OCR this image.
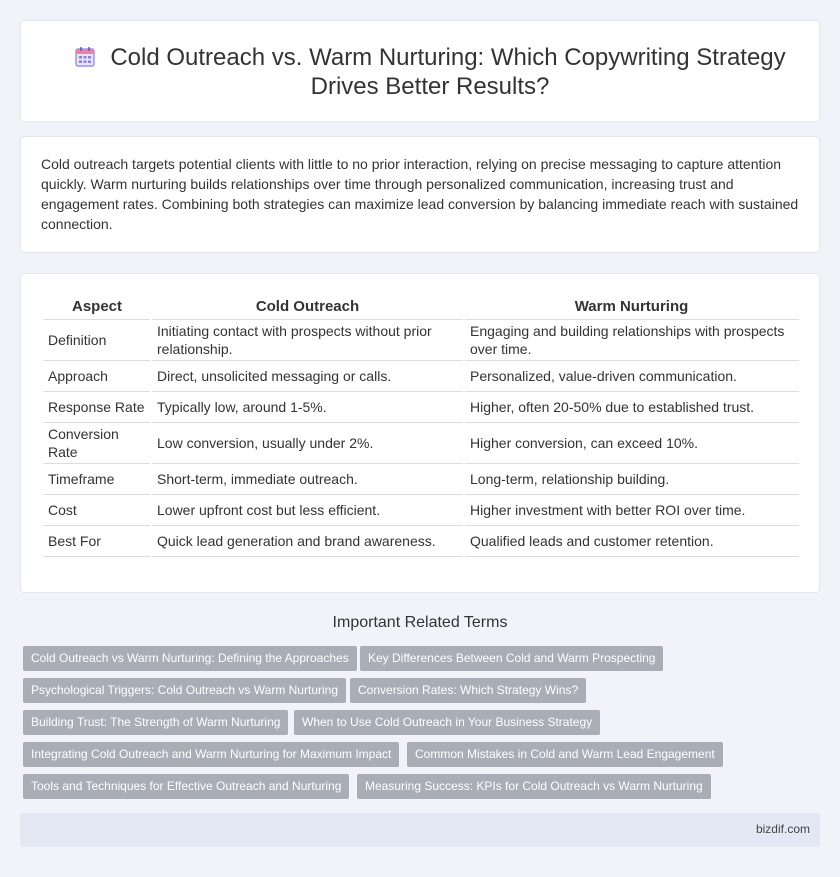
Cold Outreach vs. Warm Nurturing: Which Copywriting Strategy Drives Better Results?

Cold outreach targets potential clients with little to no prior interaction, relying on precise messaging to capture attention quickly. Warm nurturing builds relationships over time through personalized communication, increasing trust and engagement rates. Combining both strategies can maximize lead conversion by balancing immediate reach with sustained connection.

Aspect	Cold Outreach	Warm Nurturing
Definition	Initiating contact with prospects without prior relationship.	Engaging and building relationships with prospects over time.
Approach	Direct, unsolicited messaging or calls.	Personalized, value-driven communication.
Response Rate	Typically low, around 1-5%.	Higher, often 20-50% due to established trust.
Conversion Rate	Low conversion, usually under 2%.	Higher conversion, can exceed 10%.
Timeframe	Short-term, immediate outreach.	Long-term, relationship building.
Cost	Lower upfront cost but less efficient.	Higher investment with better ROI over time.
Best For	Quick lead generation and brand awareness.	Qualified leads and customer retention.
Important Related Terms
Cold Outreach vs Warm Nurturing: Defining the Approaches	Key Differences Between Cold and Warm Prospecting
Psychological Triggers: Cold Outreach vs Warm Nurturing	Conversion Rates: Which Strategy Wins?
Building Trust: The Strength of Warm Nurturing	When to Use Cold Outreach in Your Business Strategy
Integrating Cold Outreach and Warm Nurturing for Maximum Impact	Common Mistakes in Cold and Warm Lead Engagement
Tools and Techniques for Effective Outreach and Nurturing	Measuring Success: KPIs for Cold Outreach vs Warm Nurturing
bizdif.com
